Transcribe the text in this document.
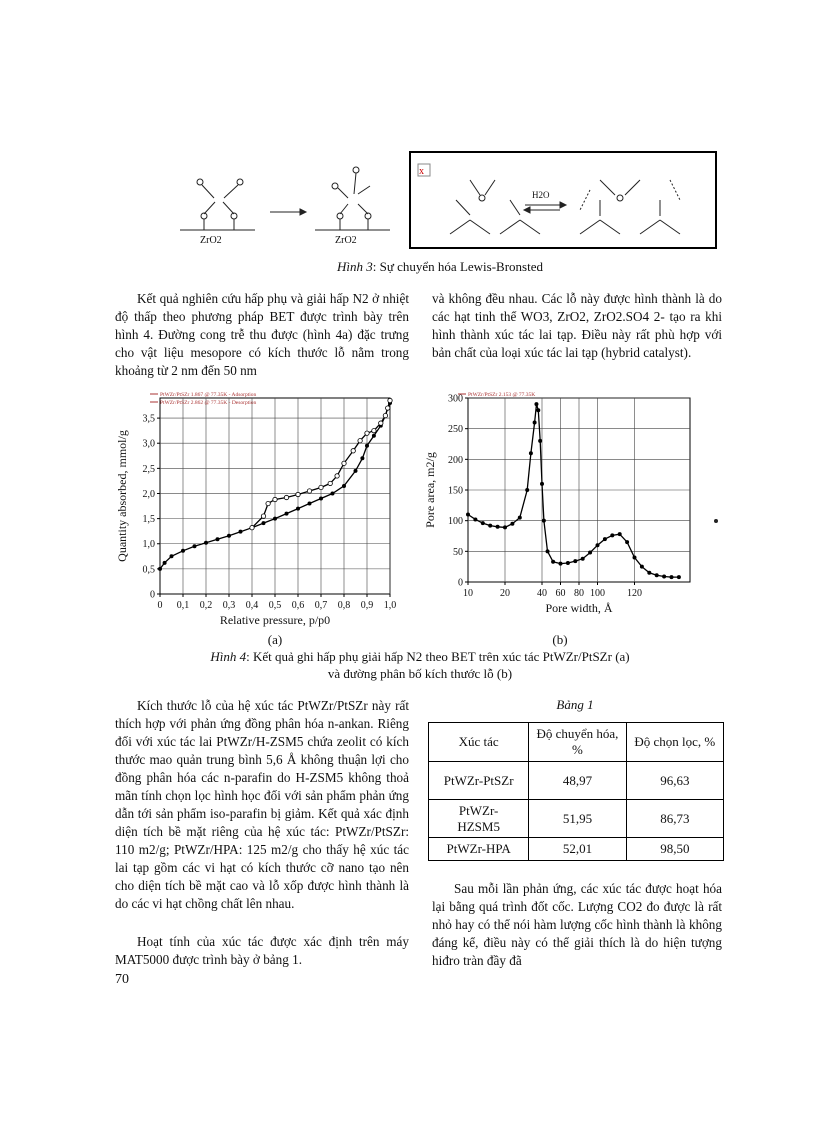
x
ZrO2	ZrO2
H2O
Hình 3: Sự chuyển hóa Lewis-Bronsted

Kết quả nghiên cứu hấp phụ và giải hấp N2 ở nhiệt độ thấp theo phương pháp BET được trình bày trên hình 4. Đường cong trễ thu được (hình 4a) đặc trưng cho vật liệu mesopore có kích thước lỗ nằm trong khoảng từ 2 nm đến 50 nm

và không đều nhau. Các lỗ này được hình thành là do các hạt tinh thể WO3, ZrO2, ZrO2.SO4 2- tạo ra khi hình thành xúc tác lai tạp. Điều này rất phù hợp với bản chất của loại xúc tác lai tạp (hybrid catalyst).

0
0,5
1,0
1,5
2,0
2,5
3,0
3,5
0 0,1 0,2 0,3 0,4 0,5 0,6 0,7 0,8 0,9 1,0
PtWZr/PtSZr 1.867 @ 77.35K - Adsorption
PtWZr/PtSZr 2.862 @ 77.35K - Desorption
Relative pressure, p/p0
Quantity absorbed, mmol/g
0
50
100
150
200
250
300
10	20	40 60 80 100 120
PtWZr/PtSZr 2.153 @ 77.35K
Pore width, Å
Pore area, m2/g
(a)	(b)
Hình 4: Kết quả ghi hấp phụ giải hấp N2 theo BET trên xúc tác PtWZr/PtSZr (a)
và đường phân bố kích thước lỗ (b)

Kích thước lỗ của hệ xúc tác PtWZr/PtSZr này rất thích hợp với phản ứng đồng phân hóa n-ankan. Riêng đối với xúc tác lai PtWZr/H-ZSM5 chứa zeolit có kích thước mao quản trung bình 5,6 Å không thuận lợi cho đồng phân hóa các n-parafin do H-ZSM5 không thoả mãn tính chọn lọc hình học đối với sản phẩm phản ứng dẫn tới sản phẩm iso-parafin bị giảm. Kết quả xác định diện tích bề mặt riêng của hệ xúc tác: PtWZr/PtSZr: 110 m2/g; PtWZr/HPA: 125 m2/g cho thấy hệ xúc tác lai tạp gồm các vi hạt có kích thước cỡ nano tạo nên cho diện tích bề mặt cao và lỗ xốp được hình thành là do các vi hạt chồng chất lên nhau.

Hoạt tính của xúc tác được xác định trên máy MAT5000 được trình bày ở bảng 1.

Bảng 1
Xúc tác	Độ chuyển hóa, %	Độ chọn lọc, %
PtWZr-PtSZr	48,97	96,63
PtWZr-HZSM5	51,95	86,73
PtWZr-HPA	52,01	98,50

Sau mỗi lần phản ứng, các xúc tác được hoạt hóa lại bằng quá trình đốt cốc. Lượng CO2 đo được là rất nhỏ hay có thể nói hàm lượng cốc hình thành là không đáng kể, điều này có thể giải thích là do hiện tượng hiđro tràn đầy đã

70
